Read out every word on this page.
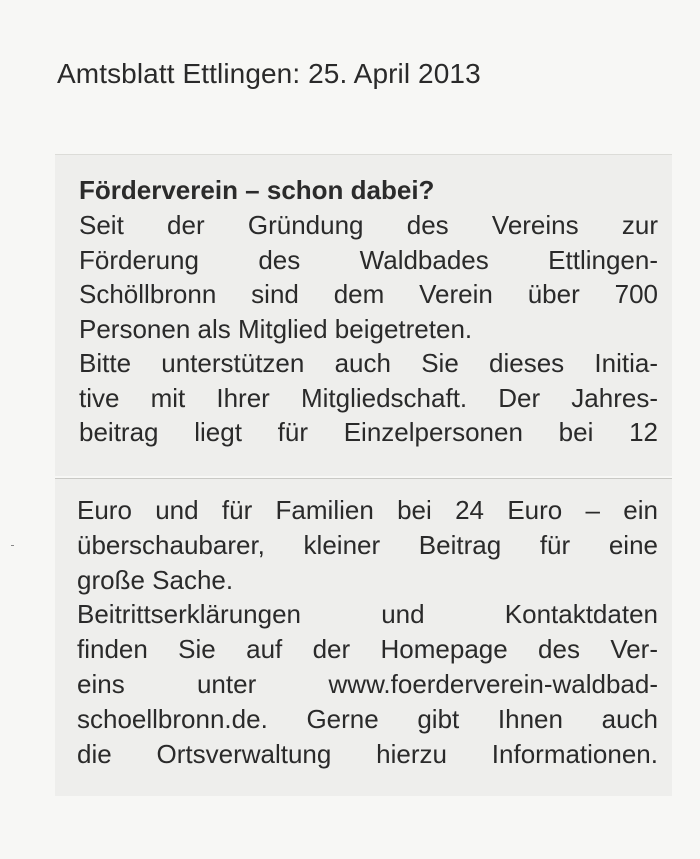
Amtsblatt Ettlingen: 25. April 2013
Förderverein – schon dabei?
Seit der Gründung des Vereins zur
Förderung des Waldbades Ettlingen-
Schöllbronn sind dem Verein über 700
Personen als Mitglied beigetreten.
Bitte unterstützen auch Sie dieses Initia-
tive mit Ihrer Mitgliedschaft. Der Jahres-
beitrag liegt für Einzelpersonen bei 12
Euro und für Familien bei 24 Euro – ein
überschaubarer, kleiner Beitrag für eine
große Sache.
Beitrittserklärungen und Kontaktdaten
finden Sie auf der Homepage des Ver-
eins unter www.foerderverein-waldbad-
schoellbronn.de. Gerne gibt Ihnen auch
die Ortsverwaltung hierzu Informationen.
